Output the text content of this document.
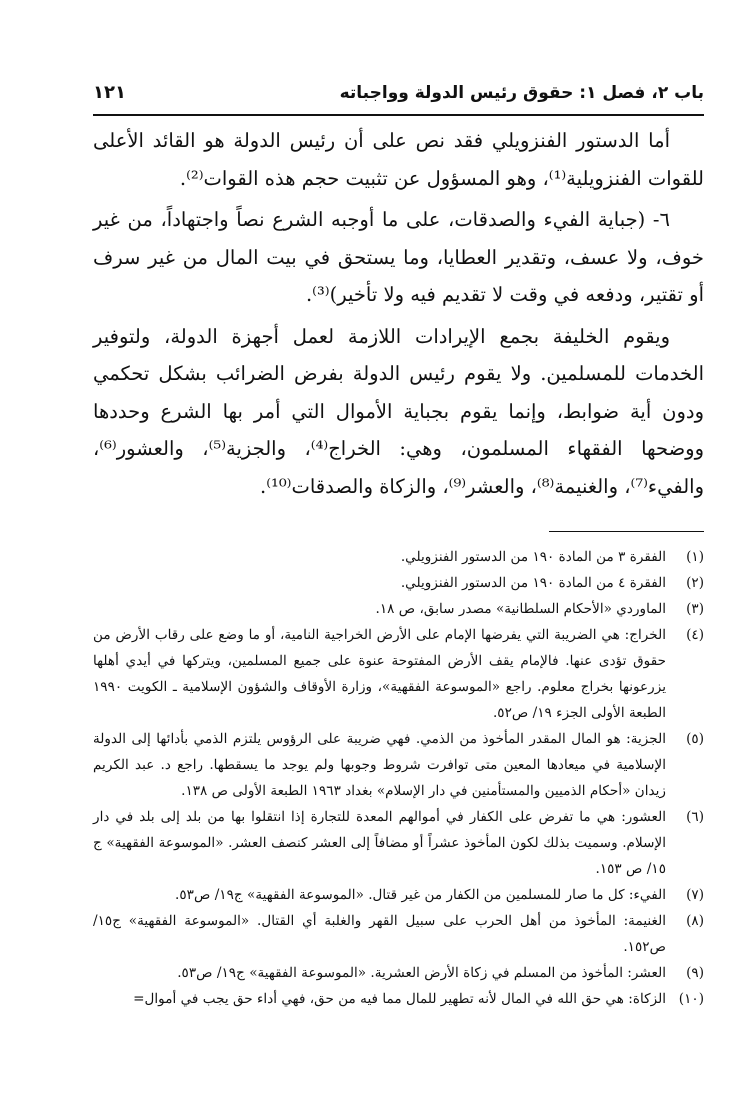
باب ٢، فصل ١: حقوق رئيس الدولة وواجباته
١٢١

أما الدستور الفنزويلي فقد نص على أن رئيس الدولة هو القائد الأعلى للقوات الفنزويلية⁽¹⁾، وهو المسؤول عن تثبيت حجم هذه القوات⁽²⁾.

٦- (جباية الفيء والصدقات، على ما أوجبه الشرع نصاً واجتهاداً، من غير خوف، ولا عسف، وتقدير العطايا، وما يستحق في بيت المال من غير سرف أو تقتير، ودفعه في وقت لا تقديم فيه ولا تأخير)⁽³⁾.

ويقوم الخليفة بجمع الإيرادات اللازمة لعمل أجهزة الدولة، ولتوفير الخدمات للمسلمين. ولا يقوم رئيس الدولة بفرض الضرائب بشكل تحكمي ودون أية ضوابط، وإنما يقوم بجباية الأموال التي أمر بها الشرع وحددها ووضحها الفقهاء المسلمون، وهي: الخراج⁽⁴⁾، والجزية⁽⁵⁾، والعشور⁽⁶⁾، والفيء⁽⁷⁾، والغنيمة⁽⁸⁾، والعشر⁽⁹⁾، والزكاة والصدقات⁽¹⁰⁾.

(١)
الفقرة ٣ من المادة ١٩٠ من الدستور الفنزويلي.

(٢)
الفقرة ٤ من المادة ١٩٠ من الدستور الفنزويلي.

(٣)
الماوردي «الأحكام السلطانية» مصدر سابق، ص ١٨.

(٤)
الخراج: هي الضريبة التي يفرضها الإمام على الأرض الخراجية النامية، أو ما وضع على رقاب الأرض من حقوق تؤدى عنها. فالإمام يقف الأرض المفتوحة عنوة على جميع المسلمين، ويتركها في أيدي أهلها يزرعونها بخراج معلوم. راجع «الموسوعة الفقهية»، وزارة الأوقاف والشؤون الإسلامية ـ الكويت ١٩٩٠ الطبعة الأولى الجزء ١٩/ ص٥٢.

(٥)
الجزية: هو المال المقدر المأخوذ من الذمي. فهي ضريبة على الرؤوس يلتزم الذمي بأدائها إلى الدولة الإسلامية في ميعادها المعين متى توافرت شروط وجوبها ولم يوجد ما يسقطها. راجع د. عبد الكريم زيدان «أحكام الذميين والمستأمنين في دار الإسلام» بغداد ١٩٦٣ الطبعة الأولى ص ١٣٨.

(٦)
العشور: هي ما تفرض على الكفار في أموالهم المعدة للتجارة إذا انتقلوا بها من بلد إلى بلد في دار الإسلام. وسميت بذلك لكون المأخوذ عشراً أو مضافاً إلى العشر كنصف العشر. «الموسوعة الفقهية» ج ١٥/ ص ١٥٣.

(٧)
الفيء: كل ما صار للمسلمين من الكفار من غير قتال. «الموسوعة الفقهية» ج١٩/ ص٥٣.

(٨)
الغنيمة: المأخوذ من أهل الحرب على سبيل القهر والغلبة أي القتال. «الموسوعة الفقهية» ج١٥/ ص١٥٢.

(٩)
العشر: المأخوذ من المسلم في زكاة الأرض العشرية. «الموسوعة الفقهية» ج١٩/ ص٥٣.

(١٠)
الزكاة: هي حق الله في المال لأنه تطهير للمال مما فيه من حق، فهي أداء حق يجب في أموال=
